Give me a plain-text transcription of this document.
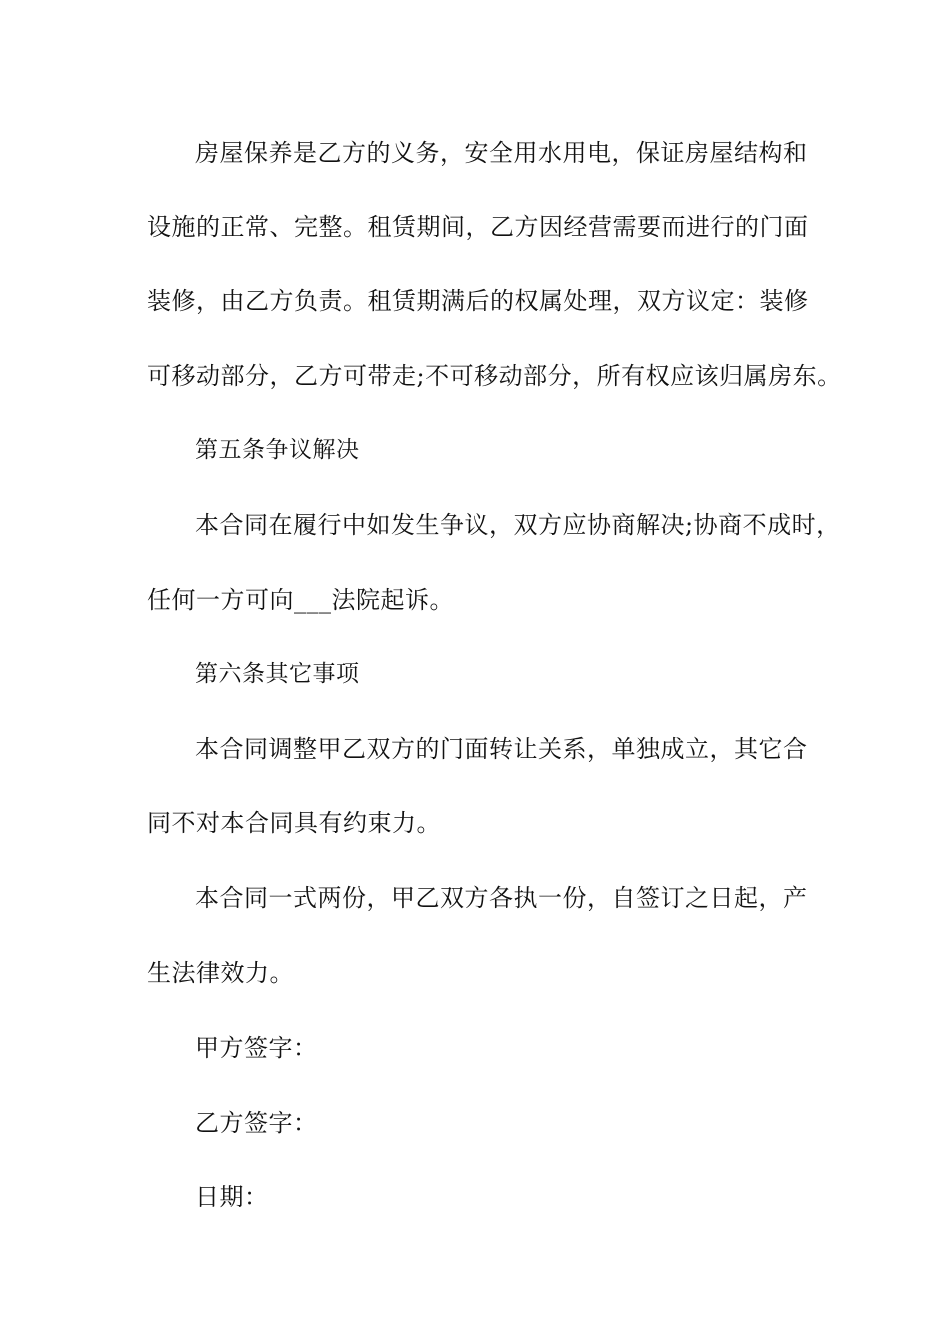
房屋保养是乙方的义务，安全用水用电，保证房屋结构和
设施的正常、完整。租赁期间，乙方因经营需要而进行的门面
装修，由乙方负责。租赁期满后的权属处理，双方议定：装修
可移动部分，乙方可带走;不可移动部分，所有权应该归属房东。
第五条争议解决
本合同在履行中如发生争议，双方应协商解决;协商不成时，
任何一方可向___法院起诉。
第六条其它事项
本合同调整甲乙双方的门面转让关系，单独成立，其它合
同不对本合同具有约束力。
本合同一式两份，甲乙双方各执一份，自签订之日起，产
生法律效力。
甲方签字：
乙方签字：
日期：
